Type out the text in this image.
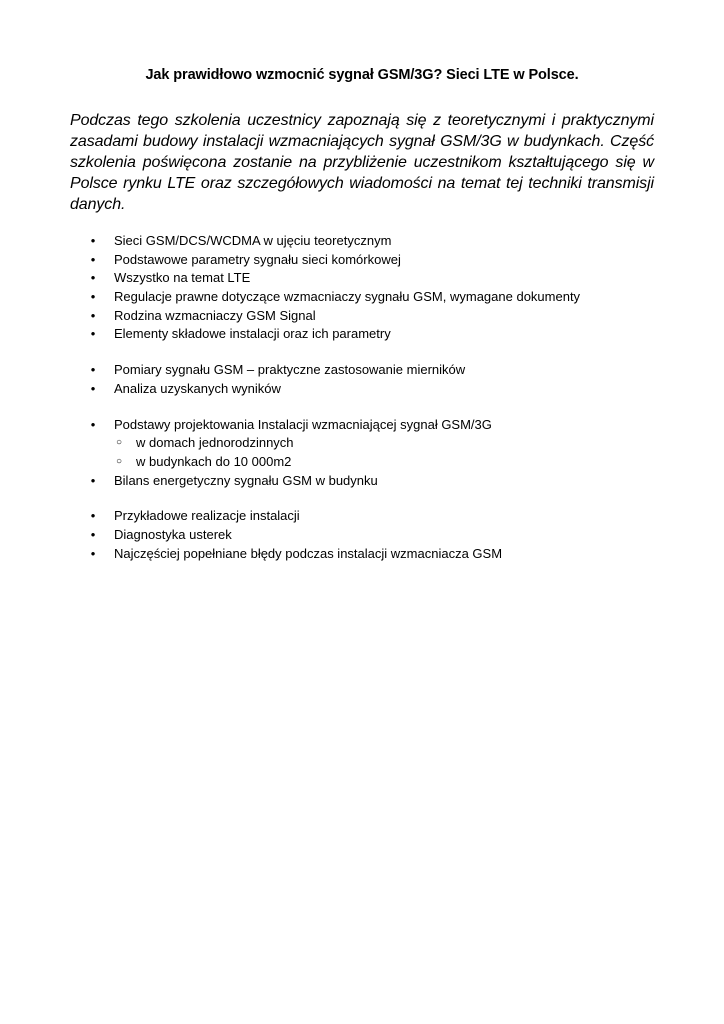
Jak prawidłowo wzmocnić sygnał GSM/3G? Sieci LTE w Polsce.

Podczas tego szkolenia uczestnicy zapoznają się z teoretycznymi i praktycznymi zasadami budowy instalacji wzmacniających sygnał GSM/3G w budynkach. Część szkolenia poświęcona zostanie na przybliżenie uczestnikom kształtującego się w Polsce rynku LTE oraz szczegółowych wiadomości na temat tej techniki transmisji danych.

• Sieci GSM/DCS/WCDMA w ujęciu teoretycznym
• Podstawowe parametry sygnału sieci komórkowej
• Wszystko na temat LTE
• Regulacje prawne dotyczące wzmacniaczy sygnału GSM, wymagane dokumenty
• Rodzina wzmacniaczy GSM Signal
• Elementy składowe instalacji oraz ich parametry
• Pomiary sygnału GSM – praktyczne zastosowanie mierników
• Analiza uzyskanych wyników
• Podstawy projektowania Instalacji wzmacniającej sygnał GSM/3G
○ w domach jednorodzinnych
○ w budynkach do 10 000m2
• Bilans energetyczny sygnału GSM w budynku
• Przykładowe realizacje instalacji
• Diagnostyka usterek
• Najczęściej popełniane błędy podczas instalacji wzmacniacza GSM
